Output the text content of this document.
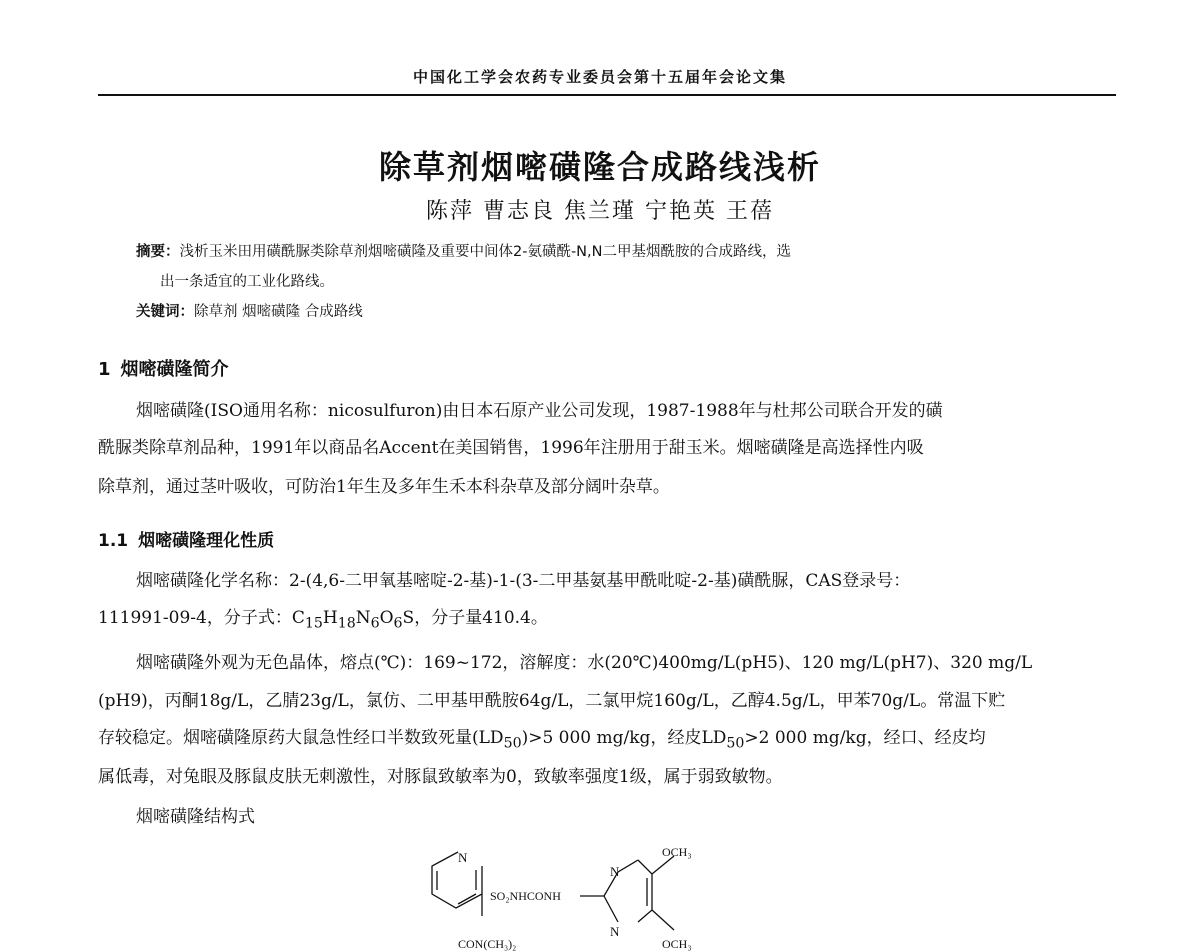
中国化工学会农药专业委员会第十五届年会论文集
除草剂烟嘧磺隆合成路线浅析
陈萍 曹志良 焦兰瑾 宁艳英 王蓓
摘要：浅析玉米田用磺酰脲类除草剂烟嘧磺隆及重要中间体2-氨磺酰-N,N二甲基烟酰胺的合成路线，选
出一条适宜的工业化路线。
关键词：除草剂 烟嘧磺隆 合成路线
1 烟嘧磺隆简介
烟嘧磺隆(ISO通用名称：nicosulfuron)由日本石原产业公司发现，1987-1988年与杜邦公司联合开发的磺
酰脲类除草剂品种，1991年以商品名Accent在美国销售，1996年注册用于甜玉米。烟嘧磺隆是高选择性内吸
除草剂，通过茎叶吸收，可防治1年生及多年生禾本科杂草及部分阔叶杂草。
1.1 烟嘧磺隆理化性质
烟嘧磺隆化学名称：2-(4,6-二甲氧基嘧啶-2-基)-1-(3-二甲基氨基甲酰吡啶-2-基)磺酰脲，CAS登录号：
111991-09-4，分子式：$C_{15}H_{18}N_6O_6S$，分子量410.4。
烟嘧磺隆外观为无色晶体，熔点(℃)：169~172，溶解度：水(20℃)400mg/L(pH5)、120 mg/L(pH7)、320 mg/L
(pH9)，丙酮18g/L，乙腈23g/L，氯仿、二甲基甲酰胺64g/L，二氯甲烷160g/L，乙醇4.5g/L，甲苯70g/L。常温下贮
存较稳定。烟嘧磺隆原药大鼠急性经口半数致死量$(LD_{50})>5$ 000 mg/kg，经皮$LD_{50}>2$ 000 mg/kg，经口、经皮均
属低毒，对兔眼及豚鼠皮肤无刺激性，对豚鼠致敏率为0，致敏率强度1级，属于弱致敏物。
烟嘧磺隆结构式
N
SO₂NHCONH
N
N
OCH₃
OCH₃
CON(CH₃)₂
